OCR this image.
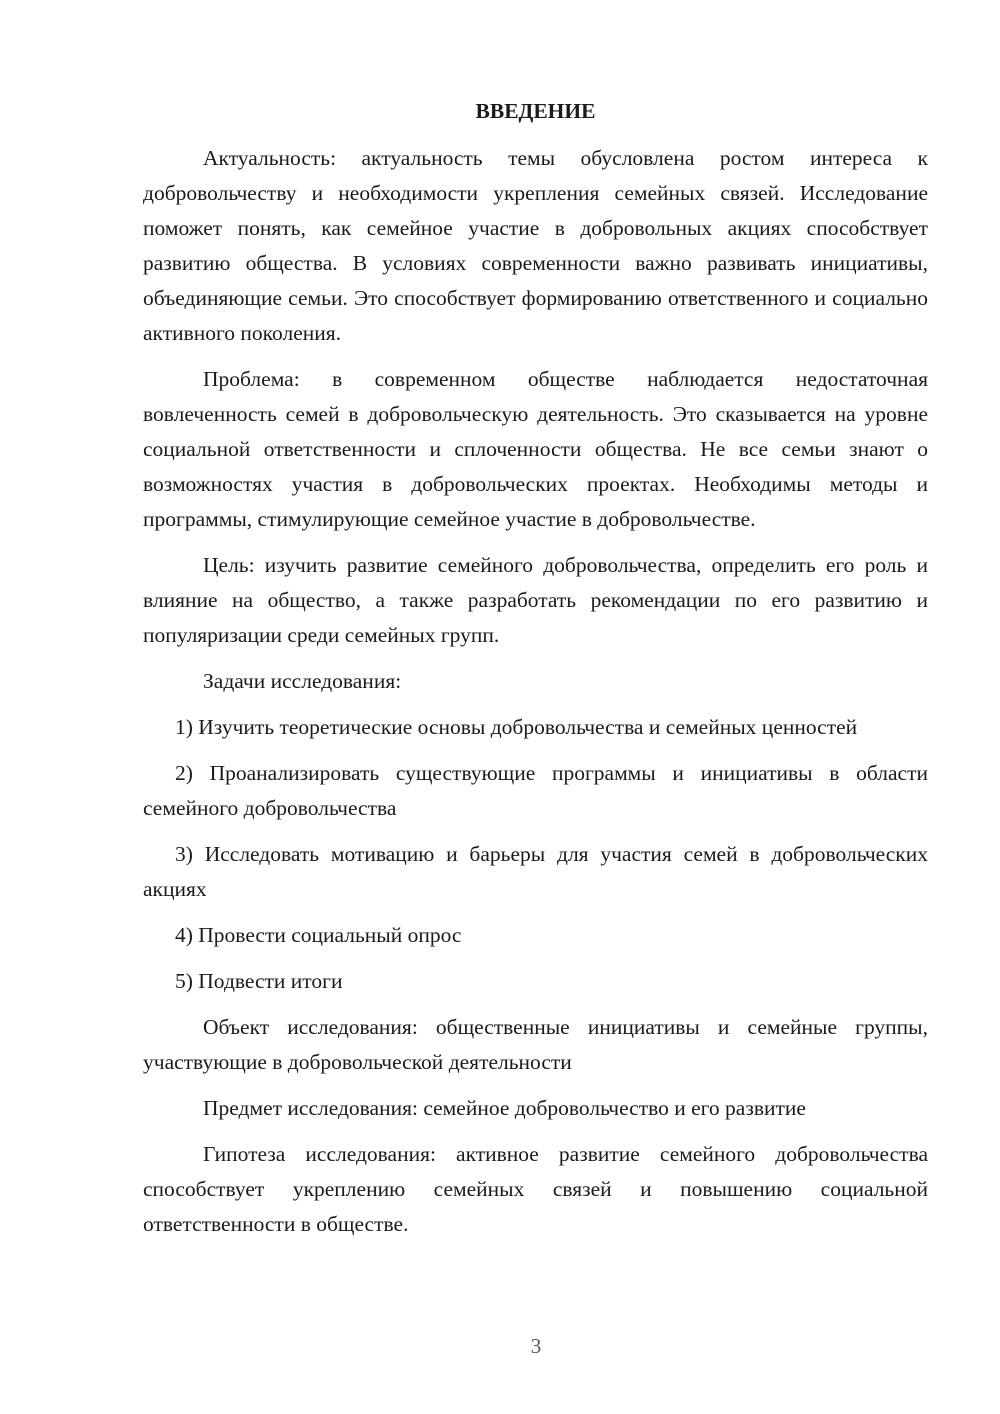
ВВЕДЕНИЕ

Актуальность: актуальность темы обусловлена ростом интереса к добровольчеству и необходимости укрепления семейных связей. Исследование поможет понять, как семейное участие в добровольных акциях способствует развитию общества. В условиях современности важно развивать инициативы, объединяющие семьи. Это способствует формированию ответственного и социально активного поколения.

Проблема: в современном обществе наблюдается недостаточная вовлеченность семей в добровольческую деятельность. Это сказывается на уровне социальной ответственности и сплоченности общества. Не все семьи знают о возможностях участия в добровольческих проектах. Необходимы методы и программы, стимулирующие семейное участие в добровольчестве.

Цель: изучить развитие семейного добровольчества, определить его роль и влияние на общество, а также разработать рекомендации по его развитию и популяризации среди семейных групп.

Задачи исследования:

1) Изучить теоретические основы добровольчества и семейных ценностей

2) Проанализировать существующие программы и инициативы в области семейного добровольчества

3) Исследовать мотивацию и барьеры для участия семей в добровольческих акциях

4) Провести социальный опрос

5) Подвести итоги

Объект исследования: общественные инициативы и семейные группы, участвующие в добровольческой деятельности

Предмет исследования: семейное добровольчество и его развитие

Гипотеза исследования: активное развитие семейного добровольчества способствует укреплению семейных связей и повышению социальной ответственности в обществе.

3
